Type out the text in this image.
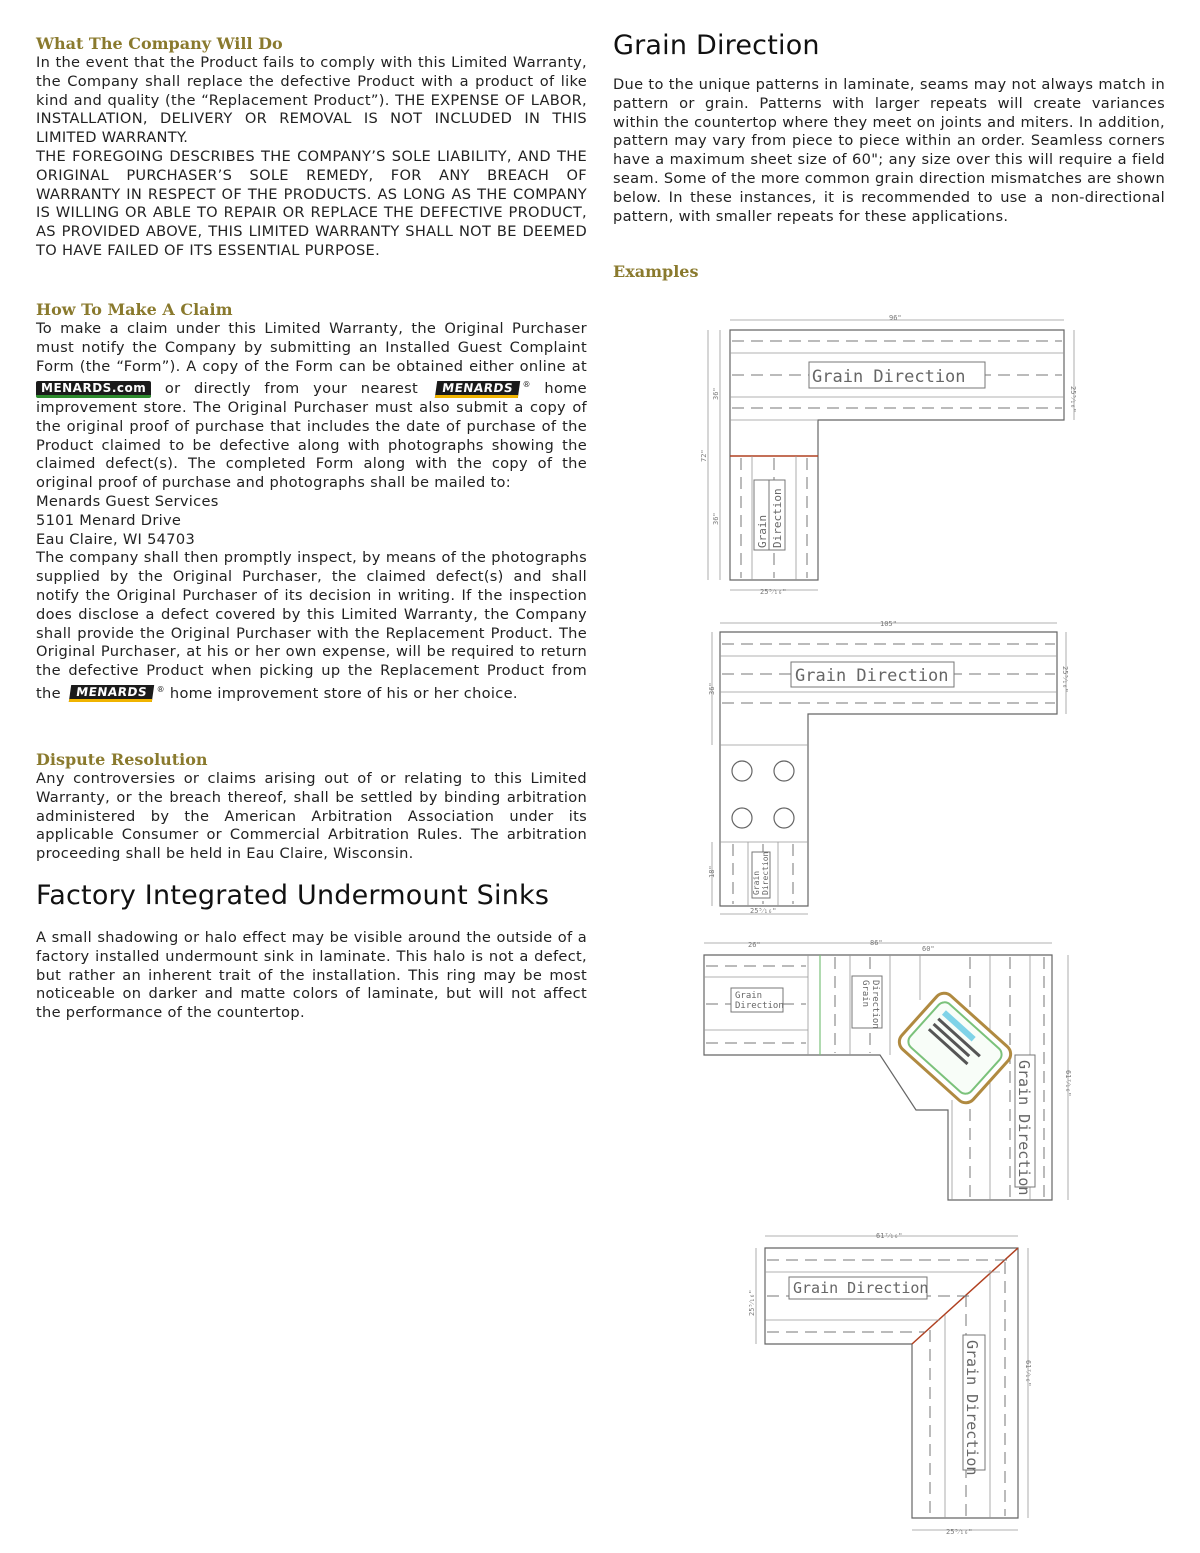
What The Company Will Do

In the event that the Product fails to comply with this Limited Warranty, the Company shall replace the defective Product with a product of like kind and quality (the “Replacement Product”). THE EXPENSE OF LABOR, INSTALLATION, DELIVERY OR REMOVAL IS NOT INCLUDED IN THIS LIMITED WARRANTY.

THE FOREGOING DESCRIBES THE COMPANY’S SOLE LIABILITY, AND THE ORIGINAL PURCHASER’S SOLE REMEDY, FOR ANY BREACH OF WARRANTY IN RESPECT OF THE PRODUCTS. AS LONG AS THE COMPANY IS WILLING OR ABLE TO REPAIR OR REPLACE THE DEFECTIVE PRODUCT, AS PROVIDED ABOVE, THIS LIMITED WARRANTY SHALL NOT BE DEEMED TO HAVE FAILED OF ITS ESSENTIAL PURPOSE.

How To Make A Claim

To make a claim under this Limited Warranty, the Original Purchaser must notify the Company by submitting an Installed Guest Complaint Form (the “Form”). A copy of the Form can be obtained either online at MENARDS.com or directly from your nearest MENARDS ® home improvement store. The Original Purchaser must also submit a copy of the original proof of purchase that includes the date of purchase of the Product claimed to be defective along with photographs showing the claimed defect(s). The completed Form along with the copy of the original proof of purchase and photographs shall be mailed to:

Menards Guest Services

5101 Menard Drive

Eau Claire, WI 54703

The company shall then promptly inspect, by means of the photographs supplied by the Original Purchaser, the claimed defect(s) and shall notify the Original Purchaser of its decision in writing. If the inspection does disclose a defect covered by this Limited Warranty, the Company shall provide the Original Purchaser with the Replacement Product. The Original Purchaser, at his or her own expense, will be required to return the defective Product when picking up the Replacement Product from the MENARDS ® home improvement store of his or her choice.

Dispute Resolution

Any controversies or claims arising out of or relating to this Limited Warranty, or the breach thereof, shall be settled by binding arbitration administered by the American Arbitration Association under its applicable Consumer or Commercial Arbitration Rules. The arbitration proceeding shall be held in Eau Claire, Wisconsin.

Factory Integrated Undermount Sinks

A small shadowing or halo effect may be visible around the outside of a factory installed undermount sink in laminate. This halo is not a defect, but rather an inherent trait of the installation. This ring may be most noticeable on darker and matte colors of laminate, but will not affect the performance of the countertop.

Grain Direction

Due to the unique patterns in laminate, seams may not always match in pattern or grain. Patterns with larger repeats will create variances within the countertop where they meet on joints and miters. In addition, pattern may vary from piece to piece within an order. Seamless corners have a maximum sheet size of 60"; any size over this will require a field seam. Some of the more common grain direction mismatches are shown below. In these instances, it is recommended to use a non-directional pattern, with smaller repeats for these applications.

Examples
Grain Direction
Grain Direction
96"
25⁵⁄₁₆"
36"
72"
36"
25⁵⁄₁₆"
Grain Direction
Grain Direction
105"
25⁵⁄₁₆"
36"
18"
25⁵⁄₁₆"
Grain
Direction	Grain Direction
Grain Direction
26"	86"
60"
61⁷⁄₁₆"
Grain Direction
Grain Direction
61⁷⁄₁₆"
25⁵⁄₁₆"
61⁷⁄₁₆"
25⁵⁄₁₆"
